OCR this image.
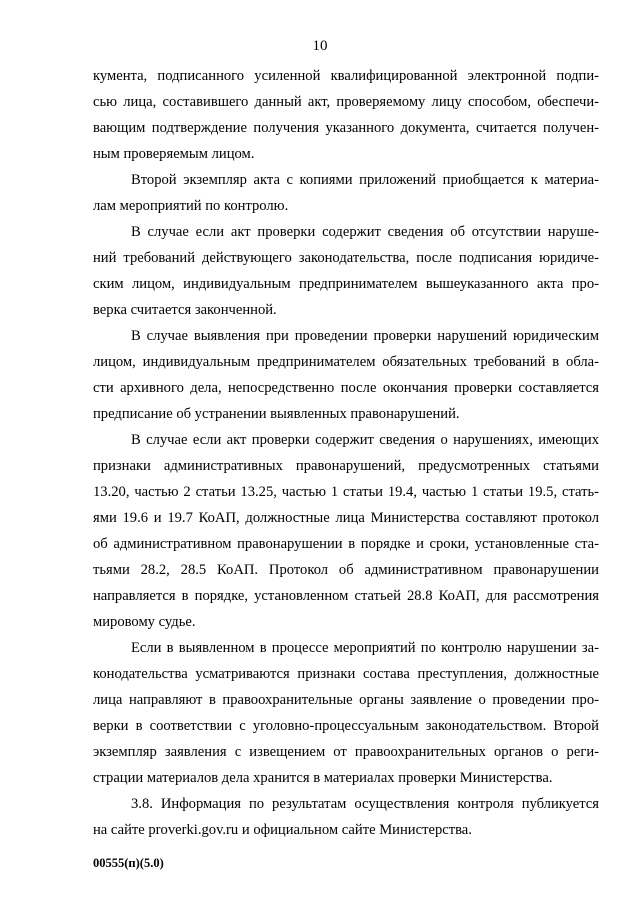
10
кумента, подписанного усиленной квалифицированной электронной подпи-
сью лица, составившего данный акт, проверяемому лицу способом, обеспечи-
вающим подтверждение получения указанного документа, считается получен-
ным проверяемым лицом.
Второй экземпляр акта с копиями приложений приобщается к материа-
лам мероприятий по контролю.
В случае если акт проверки содержит сведения об отсутствии наруше-
ний требований действующего законодательства, после подписания юридиче-
ским лицом, индивидуальным предпринимателем вышеуказанного акта про-
верка считается законченной.
В случае выявления при проведении проверки нарушений юридическим
лицом, индивидуальным предпринимателем обязательных требований в обла-
сти архивного дела, непосредственно после окончания проверки составляется
предписание об устранении выявленных правонарушений.
В случае если акт проверки содержит сведения о нарушениях, имеющих
признаки административных правонарушений, предусмотренных статьями
13.20, частью 2 статьи 13.25, частью 1 статьи 19.4, частью 1 статьи 19.5, стать-
ями 19.6 и 19.7 КоАП, должностные лица Министерства составляют протокол
об административном правонарушении в порядке и сроки, установленные ста-
тьями 28.2, 28.5 КоАП. Протокол об административном правонарушении
направляется в порядке, установленном статьей 28.8 КоАП, для рассмотрения
мировому судье.
Если в выявленном в процессе мероприятий по контролю нарушении за-
конодательства усматриваются признаки состава преступления, должностные
лица направляют в правоохранительные органы заявление о проведении про-
верки в соответствии с уголовно-процессуальным законодательством. Второй
экземпляр заявления с извещением от правоохранительных органов о реги-
страции материалов дела хранится в материалах проверки Министерства.
3.8. Информация по результатам осуществления контроля публикуется
на сайте proverki.gov.ru и официальном сайте Министерства.
00555(п)(5.0)
